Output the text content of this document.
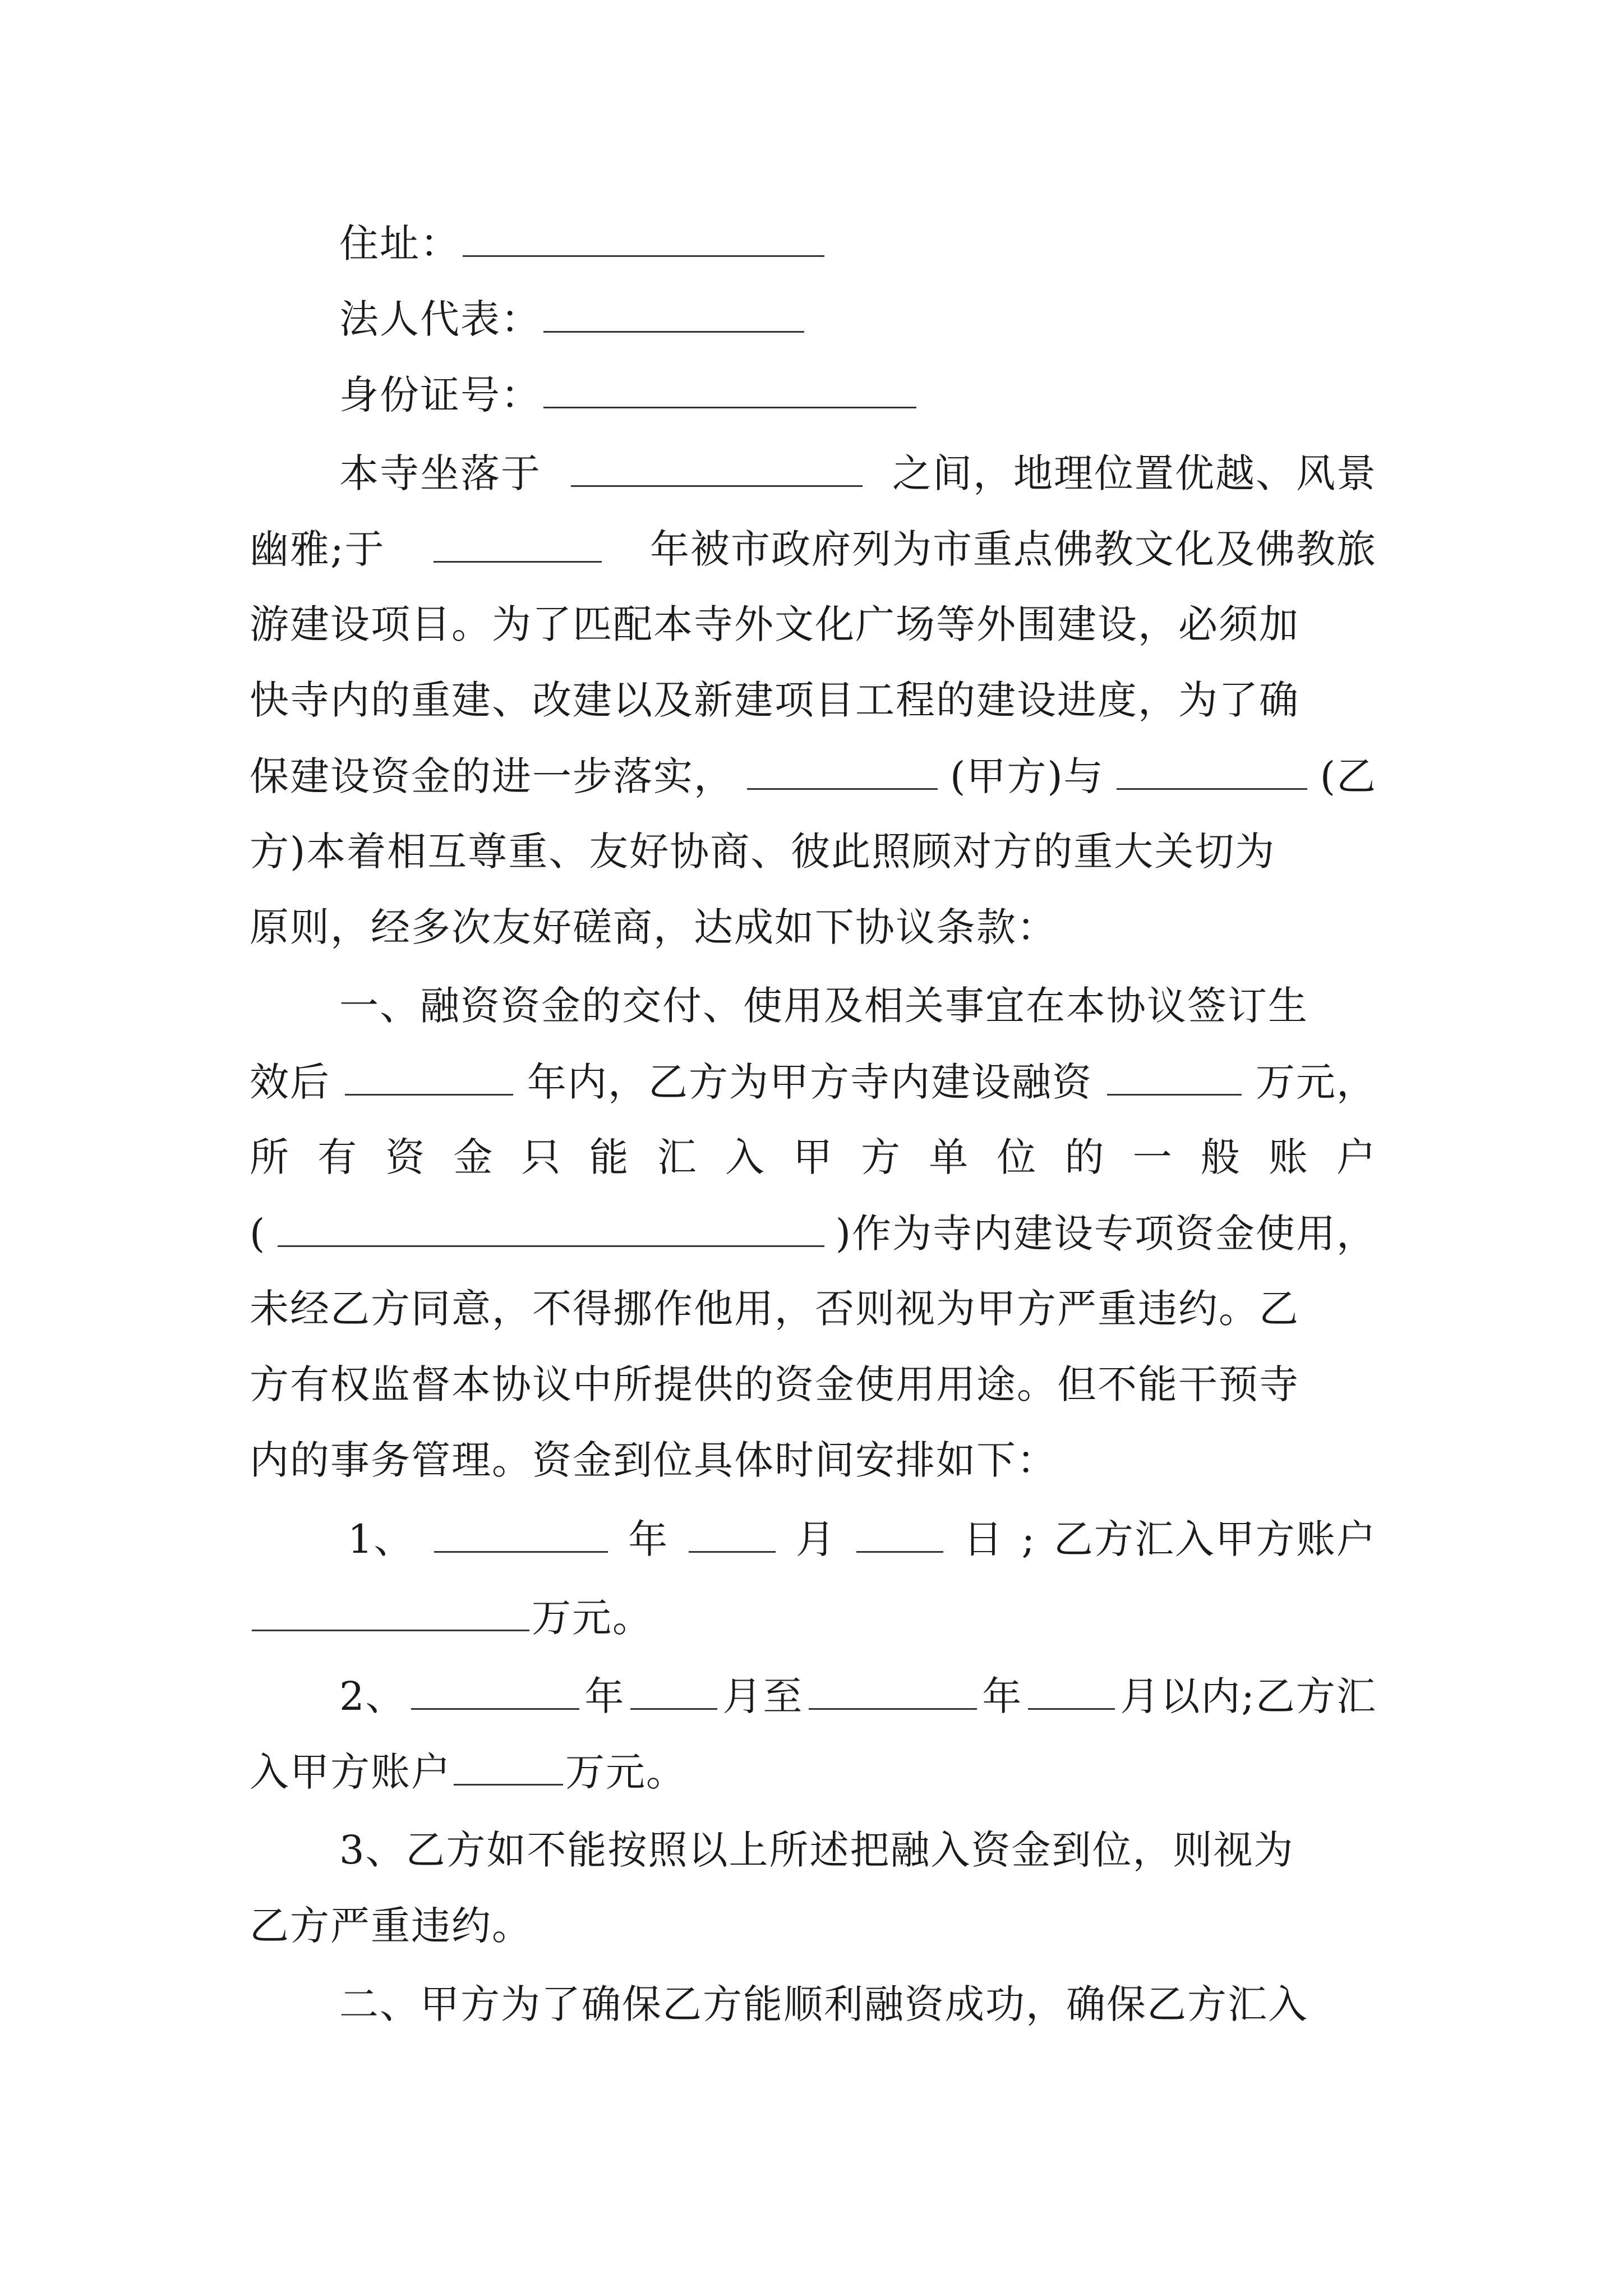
住址：
法人代表：
身份证号：
本寺坐落于	之间，地理位置优越、风景
幽雅;于	年被市政府列为市重点佛教文化及佛教旅
游建设项目。为了匹配本寺外文化广场等外围建设，必须加
快寺内的重建、改建以及新建项目工程的建设进度，为了确
保建设资金的进一步落实，	(甲方)与	(乙
方)本着相互尊重、友好协商、彼此照顾对方的重大关切为
原则，经多次友好磋商，达成如下协议条款：
一、融资资金的交付、使用及相关事宜在本协议签订生
效后	年内，乙方为甲方寺内建设融资	万元，
所 有 资 金 只 能 汇 入 甲 方 单 位 的 一 般 账 户
(	)作为寺内建设专项资金使用，
未经乙方同意，不得挪作他用，否则视为甲方严重违约。乙
方有权监督本协议中所提供的资金使用用途。但不能干预寺
内的事务管理。资金到位具体时间安排如下：
1、	年	月	日 ; 乙方汇入甲方账户
万元。
2、	年 月至	年 月以内;乙方汇
入甲方账户	万元。
3、乙方如不能按照以上所述把融入资金到位，则视为
乙方严重违约。
二、甲方为了确保乙方能顺利融资成功，确保乙方汇入
